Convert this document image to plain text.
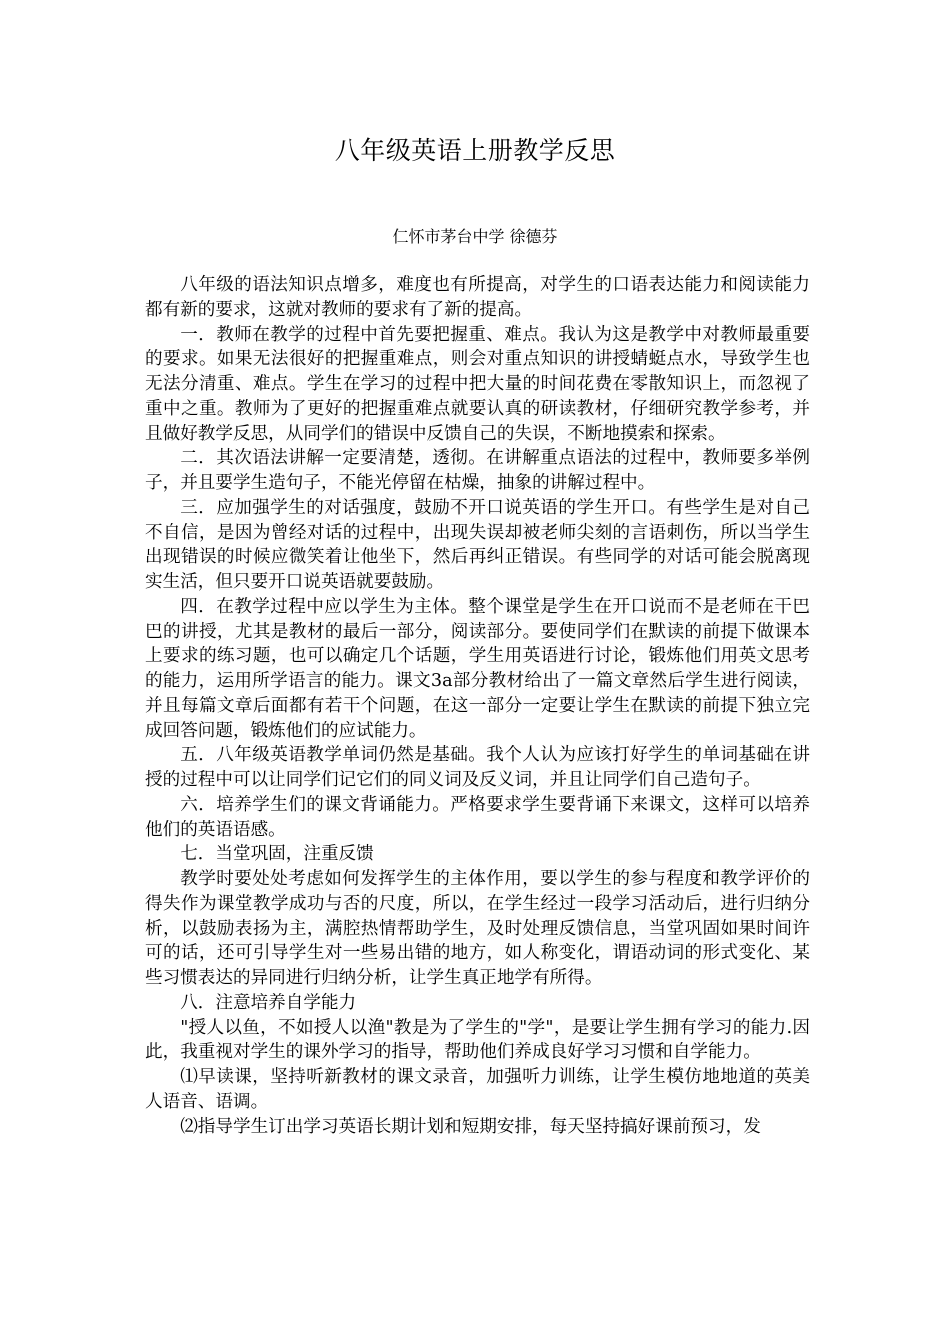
八年级英语上册教学反思
仁怀市茅台中学 徐德芬

八年级的语法知识点增多，难度也有所提高，对学生的口语表达能力和阅读能力都有新的要求，这就对教师的要求有了新的提高。

一．教师在教学的过程中首先要把握重、难点。我认为这是教学中对教师最重要的要求。如果无法很好的把握重难点，则会对重点知识的讲授蜻蜓点水，导致学生也无法分清重、难点。学生在学习的过程中把大量的时间花费在零散知识上，而忽视了重中之重。教师为了更好的把握重难点就要认真的研读教材，仔细研究教学参考，并且做好教学反思，从同学们的错误中反馈自己的失误，不断地摸索和探索。

二．其次语法讲解一定要清楚，透彻。在讲解重点语法的过程中，教师要多举例子，并且要学生造句子，不能光停留在枯燥，抽象的讲解过程中。

三．应加强学生的对话强度，鼓励不开口说英语的学生开口。有些学生是对自己不自信，是因为曾经对话的过程中，出现失误却被老师尖刻的言语刺伤，所以当学生出现错误的时候应微笑着让他坐下，然后再纠正错误。有些同学的对话可能会脱离现实生活，但只要开口说英语就要鼓励。

四．在教学过程中应以学生为主体。整个课堂是学生在开口说而不是老师在干巴巴的讲授，尤其是教材的最后一部分，阅读部分。要使同学们在默读的前提下做课本上要求的练习题，也可以确定几个话题，学生用英语进行讨论，锻炼他们用英文思考的能力，运用所学语言的能力。课文3a部分教材给出了一篇文章然后学生进行阅读，并且每篇文章后面都有若干个问题，在这一部分一定要让学生在默读的前提下独立完成回答问题，锻炼他们的应试能力。

五．八年级英语教学单词仍然是基础。我个人认为应该打好学生的单词基础在讲授的过程中可以让同学们记它们的同义词及反义词，并且让同学们自己造句子。

六．培养学生们的课文背诵能力。严格要求学生要背诵下来课文，这样可以培养他们的英语语感。

七．当堂巩固，注重反馈

教学时要处处考虑如何发挥学生的主体作用，要以学生的参与程度和教学评价的得失作为课堂教学成功与否的尺度，所以，在学生经过一段学习活动后，进行归纳分析，以鼓励表扬为主，满腔热情帮助学生，及时处理反馈信息，当堂巩固如果时间许可的话，还可引导学生对一些易出错的地方，如人称变化，谓语动词的形式变化、某些习惯表达的异同进行归纳分析，让学生真正地学有所得。

八．注意培养自学能力

"授人以鱼，不如授人以渔"教是为了学生的"学"，是要让学生拥有学习的能力.因此，我重视对学生的课外学习的指导，帮助他们养成良好学习习惯和自学能力。

⑴早读课，坚持听新教材的课文录音，加强听力训练，让学生模仿地地道的英美人语音、语调。

⑵指导学生订出学习英语长期计划和短期安排，每天坚持搞好课前预习，发
